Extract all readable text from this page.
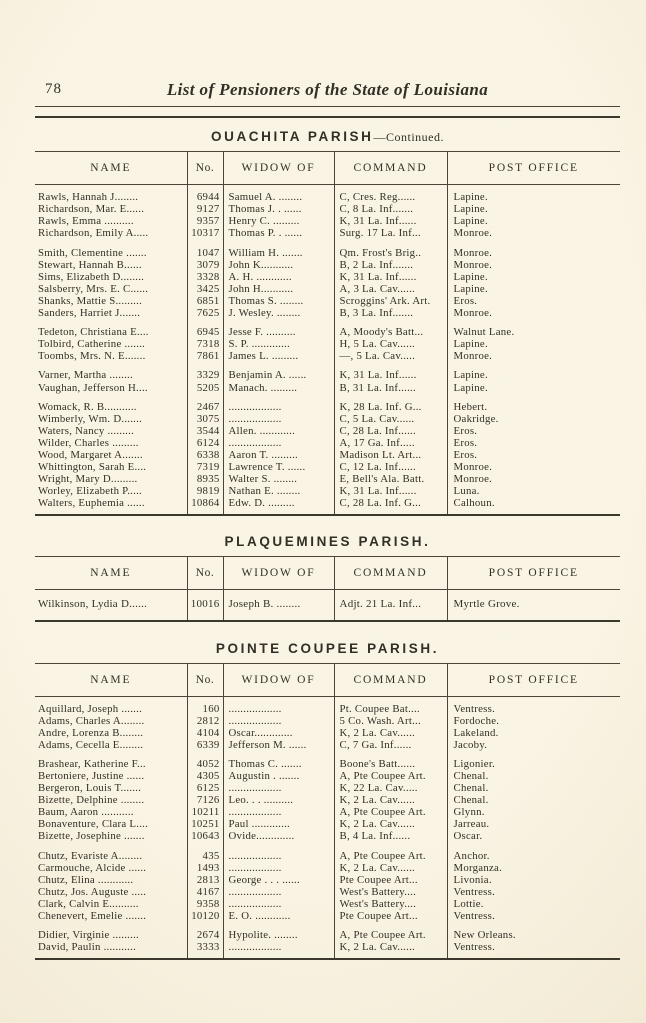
78	List of Pensioners of the State of Louisiana
OUACHITA PARISH—Continued.
NAME	No.	WIDOW OF	COMMAND	POST OFFICE
Rawls, Hannah J........	6944	Samuel A. ........	C, Cres. Reg......	Lapine.
Richardson, Mar. E......	9127	Thomas J. . ......	C, 8 La. Inf.......	Lapine.
Rawls, Emma ..........	9357	Henry C. .........	K, 31 La. Inf......	Lapine.
Richardson, Emily A.....	10317	Thomas P. . ......	Surg. 17 La. Inf...	Monroe.

Smith, Clementine .......	1047	William H. .......	Qm. Frost's Brig..	Monroe.
Stewart, Hannah B......	3079	John K...........	B, 2 La. Inf.......	Monroe.
Sims, Elizabeth D........	3328	A. H. ............	K, 31 La. Inf......	Lapine.
Salsberry, Mrs. E. C......	3425	John H...........	A, 3 La. Cav......	Lapine.
Shanks, Mattie S.........	6851	Thomas S. ........	Scroggins' Ark. Art.	Eros.
Sanders, Harriet J.......	7625	J. Wesley. ........	B, 3 La. Inf.......	Monroe.

Tedeton, Christiana E....	6945	Jesse F. ..........	A, Moody's Batt...	Walnut Lane.
Tolbird, Catherine .......	7318	S. P. .............	H, 5 La. Cav......	Lapine.
Toombs, Mrs. N. E.......	7861	James L. .........	—, 5 La. Cav.....	Monroe.

Varner, Martha ........	3329	Benjamin A. ......	K, 31 La. Inf......	Lapine.
Vaughan, Jefferson H....	5205	Manach. .........	B, 31 La. Inf......	Lapine.

Womack, R. B...........	2467	..................	K, 28 La. Inf. G...	Hebert.
Wimberly, Wm. D.......	3075	..................	C, 5 La. Cav......	Oakridge.
Waters, Nancy .........	3544	Allen. ............	C, 28 La. Inf......	Eros.
Wilder, Charles .........	6124	..................	A, 17 Ga. Inf.....	Eros.
Wood, Margaret A.......	6338	Aaron T. .........	Madison Lt. Art...	Eros.
Whittington, Sarah E....	7319	Lawrence T. ......	C, 12 La. Inf......	Monroe.
Wright, Mary D.........	8935	Walter S. ........	E, Bell's Ala. Batt.	Monroe.
Worley, Elizabeth P.....	9819	Nathan E. ........	K, 31 La. Inf......	Luna.
Walters, Euphemia ......	10864	Edw. D. .........	C, 28 La. Inf. G...	Calhoun.
PLAQUEMINES PARISH.
NAME	No.	WIDOW OF	COMMAND	POST OFFICE
Wilkinson, Lydia D......	10016	Joseph B. ........	Adjt. 21 La. Inf...	Myrtle Grove.
POINTE COUPEE PARISH.
NAME	No.	WIDOW OF	COMMAND	POST OFFICE
Aquillard, Joseph .......	160	..................	Pt. Coupee Bat....	Ventress.
Adams, Charles A........	2812	..................	5 Co. Wash. Art...	Fordoche.
Andre, Lorenza B........	4104	Oscar.............	K, 2 La. Cav......	Lakeland.
Adams, Cecella E........	6339	Jefferson M. ......	C, 7 Ga. Inf......	Jacoby.

Brashear, Katherine F...	4052	Thomas C. .......	Boone's Batt......	Ligonier.
Bertoniere, Justine ......	4305	Augustin . .......	A, Pte Coupee Art.	Chenal.
Bergeron, Louis T.......	6125	..................	K, 22 La. Cav.....	Chenal.
Bizette, Delphine ........	7126	Leo. . . ..........	K, 2 La. Cav......	Chenal.
Baum, Aaron ...........	10211	..................	A, Pte Coupee Art.	Glynn.
Bonaventure, Clara L....	10251	Paul .............	K, 2 La. Cav......	Jarreau.
Bizette, Josephine .......	10643	Ovide.............	B, 4 La. Inf......	Oscar.

Chutz, Evariste A........	435	..................	A, Pte Coupee Art.	Anchor.
Carmouche, Alcide ......	1493	..................	K, 2 La. Cav......	Morganza.
Chutz, Elina ............	2813	George . . . ......	Pte Coupee Art...	Livonia.
Chutz, Jos. Auguste .....	4167	..................	West's Battery....	Ventress.
Clark, Calvin E..........	9358	..................	West's Battery....	Lottie.
Chenevert, Emelie .......	10120	E. O. ............	Pte Coupee Art...	Ventress.

Didier, Virginie .........	2674	Hypolite. ........	A, Pte Coupee Art.	New Orleans.
David, Paulin ...........	3333	..................	K, 2 La. Cav......	Ventress.
